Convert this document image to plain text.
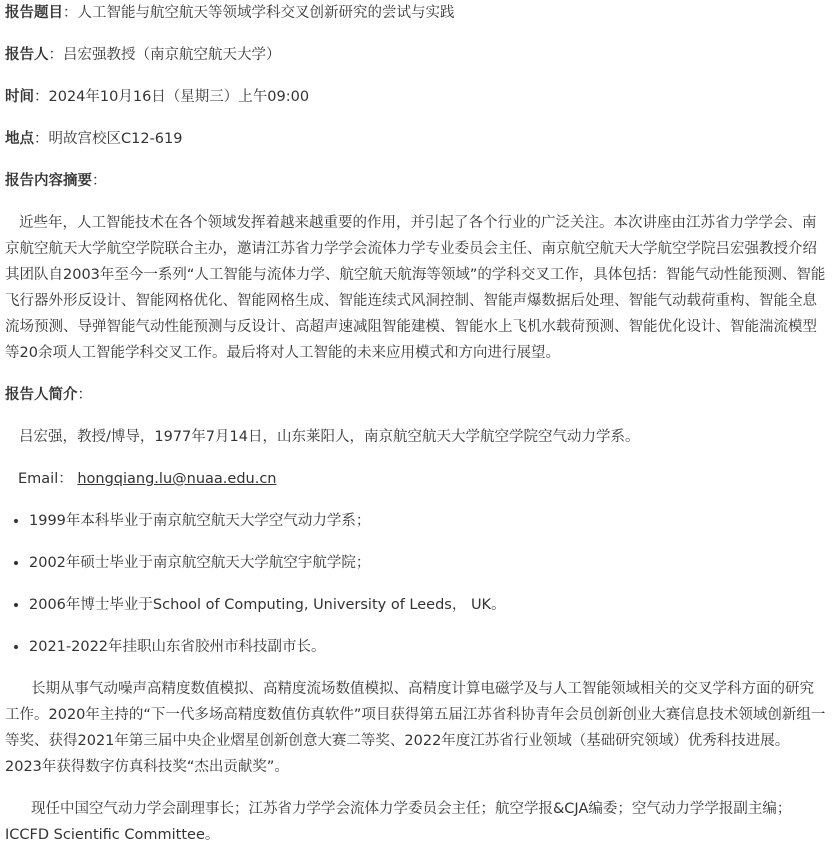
报告题目：人工智能与航空航天等领域学科交叉创新研究的尝试与实践

报告人：吕宏强教授（南京航空航天大学）

时间：2024年10月16日（星期三）上午09:00

地点：明故宫校区C12-619

报告内容摘要：

近些年，人工智能技术在各个领域发挥着越来越重要的作用，并引起了各个行业的广泛关注。本次讲座由江苏省力学学会、南京航空航天大学航空学院联合主办，邀请江苏省力学学会流体力学专业委员会主任、南京航空航天大学航空学院吕宏强教授介绍其团队自2003年至今一系列“人工智能与流体力学、航空航天航海等领域”的学科交叉工作，具体包括：智能气动性能预测、智能飞行器外形反设计、智能网格优化、智能网格生成、智能连续式风洞控制、智能声爆数据后处理、智能气动载荷重构、智能全息流场预测、导弹智能气动性能预测与反设计、高超声速减阻智能建模、智能水上飞机水载荷预测、智能优化设计、智能湍流模型等20余项人工智能学科交叉工作。最后将对人工智能的未来应用模式和方向进行展望。

报告人简介：

吕宏强，教授/博导，1977年7月14日，山东莱阳人，南京航空航天大学航空学院空气动力学系。

Email： hongqiang.lu@nuaa.edu.cn

• 1999年本科毕业于南京航空航天大学空气动力学系；
• 2002年硕士毕业于南京航空航天大学航空宇航学院；
• 2006年博士毕业于School of Computing, University of Leeds， UK。
• 2021-2022年挂职山东省胶州市科技副市长。

长期从事气动噪声高精度数值模拟、高精度流场数值模拟、高精度计算电磁学及与人工智能领域相关的交叉学科方面的研究工作。2020年主持的“下一代多场高精度数值仿真软件”项目获得第五届江苏省科协青年会员创新创业大赛信息技术领域创新组一等奖、获得2021年第三届中央企业熠星创新创意大赛二等奖、2022年度江苏省行业领域（基础研究领域）优秀科技进展。2023年获得数字仿真科技奖“杰出贡献奖”。

现任中国空气动力学会副理事长；江苏省力学学会流体力学委员会主任；航空学报&CJA编委；空气动力学学报副主编；ICCFD Scientific Committee。
